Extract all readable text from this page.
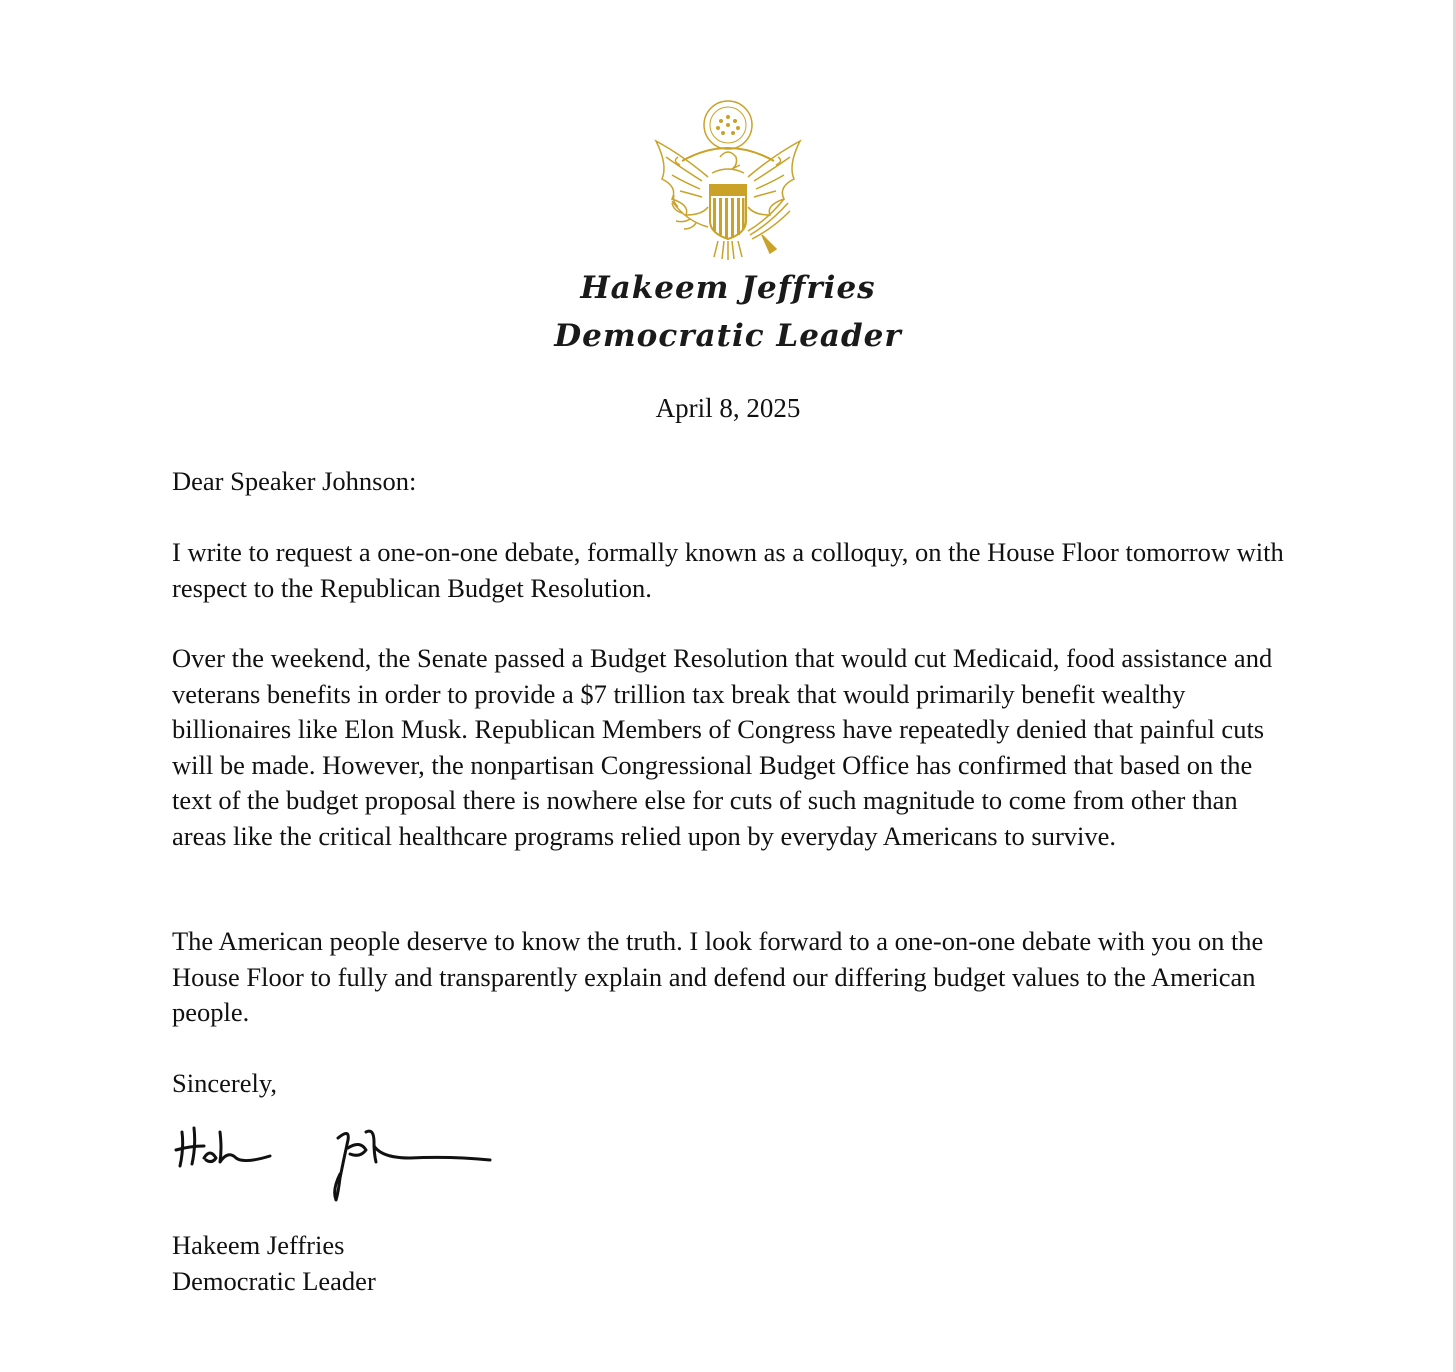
Hakeem Jeffries
Democratic Leader
April 8, 2025

Dear Speaker Johnson:

I write to request a one-on-one debate, formally known as a colloquy, on the House Floor tomorrow with respect to the Republican Budget Resolution.

Over the weekend, the Senate passed a Budget Resolution that would cut Medicaid, food assistance and veterans benefits in order to provide a $7 trillion tax break that would primarily benefit wealthy billionaires like Elon Musk. Republican Members of Congress have repeatedly denied that painful cuts will be made. However, the nonpartisan Congressional Budget Office has confirmed that based on the text of the budget proposal there is nowhere else for cuts of such magnitude to come from other than areas like the critical healthcare programs relied upon by everyday Americans to survive.

The American people deserve to know the truth. I look forward to a one-on-one debate with you on the House Floor to fully and transparently explain and defend our differing budget values to the American people.

Sincerely,

Hakeem Jeffries

Democratic Leader
